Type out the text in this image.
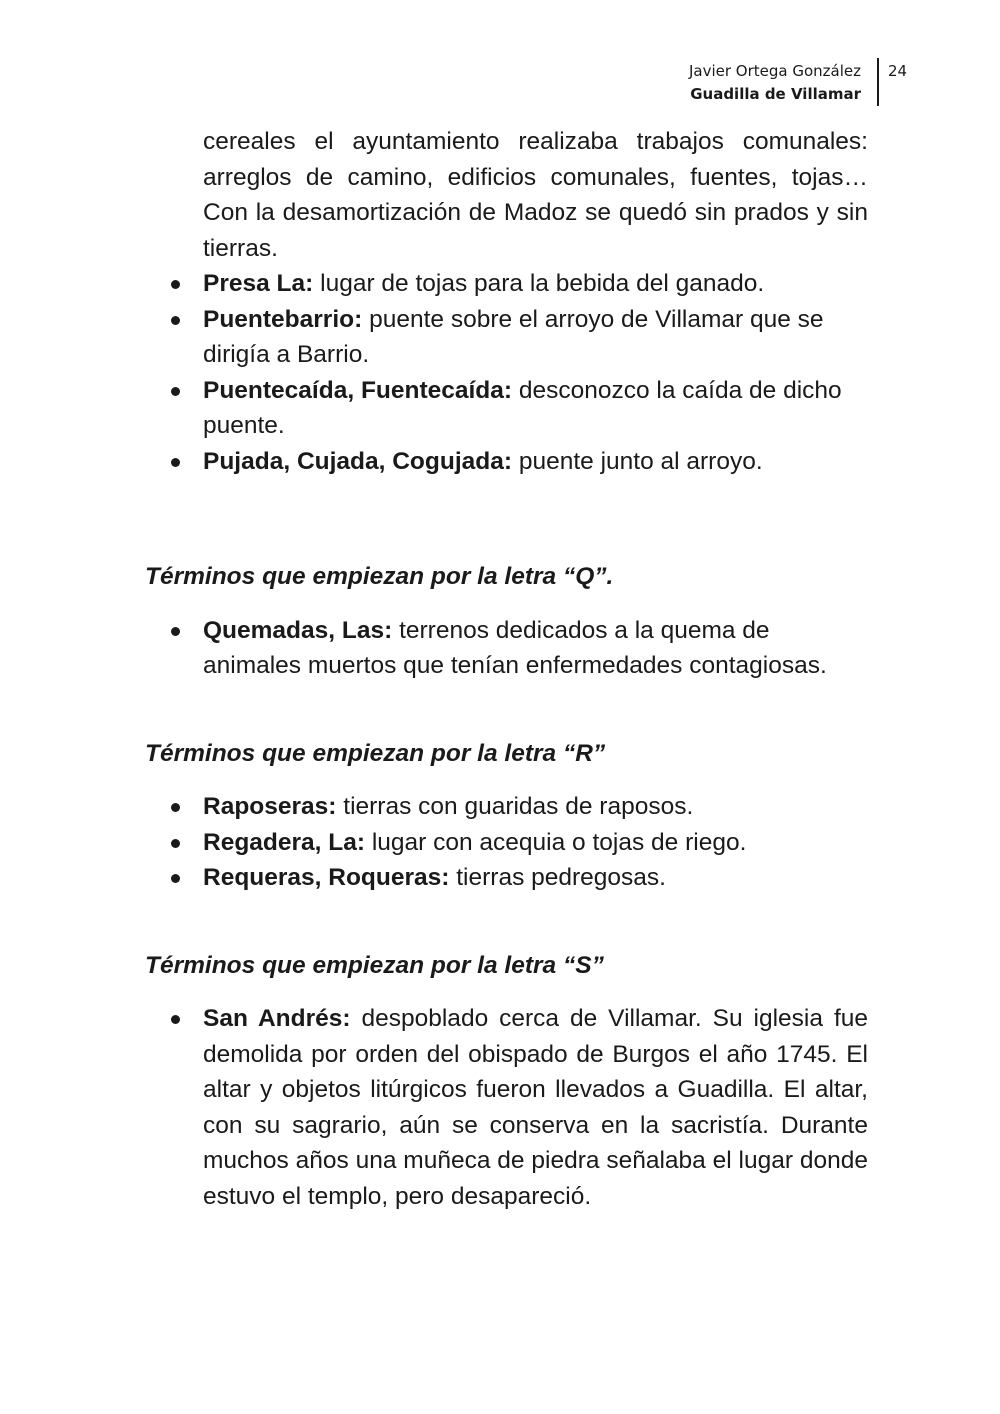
Javier Ortega González
Guadilla de Villamar
24

cereales el ayuntamiento realizaba trabajos comunales: arreglos de camino, edificios comunales, fuentes, tojas… Con la desamortización de Madoz se quedó sin prados y sin tierras.

Presa La: lugar de tojas para la bebida del ganado.
Puentebarrio: puente sobre el arroyo de Villamar que se dirigía a Barrio.
Puentecaída, Fuentecaída: desconozco la caída de dicho puente.
Pujada, Cujada, Cogujada: puente junto al arroyo.
Términos que empiezan por la letra “Q”.
Quemadas, Las: terrenos dedicados a la quema de animales muertos que tenían enfermedades contagiosas.
Términos que empiezan por la letra “R”
Raposeras: tierras con guaridas de raposos.
Regadera, La: lugar con acequia o tojas de riego.
Requeras, Roqueras: tierras pedregosas.
Términos que empiezan por la letra “S”
San Andrés: despoblado cerca de Villamar. Su iglesia fue demolida por orden del obispado de Burgos el año 1745. El altar y objetos litúrgicos fueron llevados a Guadilla. El altar, con su sagrario, aún se conserva en la sacristía. Durante muchos años una muñeca de piedra señalaba el lugar donde estuvo el templo, pero desapareció.
